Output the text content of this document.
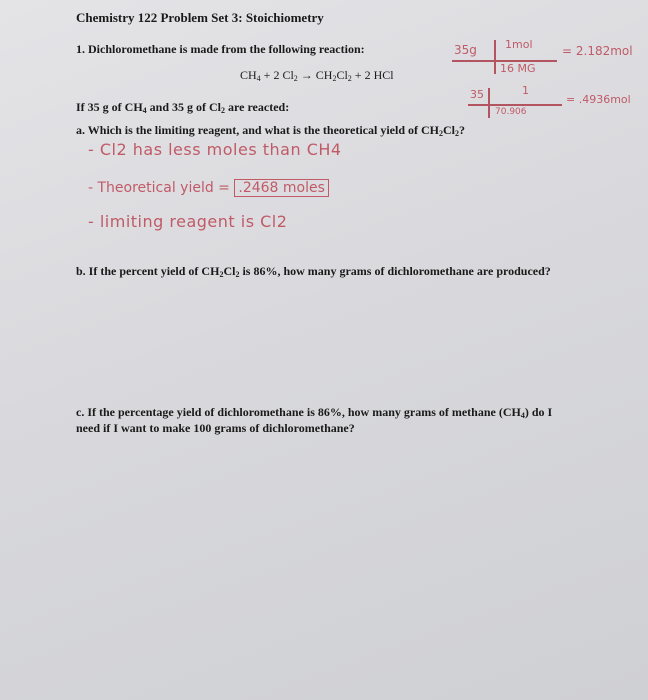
Chemistry 122 Problem Set 3: Stoichiometry
1. Dichloromethane is made from the following reaction:
$CH_4 + 2$ $Cl_2 \to CH_2Cl_2 + 2$ HCl
If 35 g of $CH_4$ and 35 g of $Cl_2$ are reacted:
a. Which is the limiting reagent, and what is the theoretical yield of $CH_2Cl_2$?
35g	1mol
16 MG
= 2.182mol
35	1
70.906
= .4936mol
- Cl2 has less moles than CH4
- Theoretical yield = .2468 moles
- limiting reagent is Cl2
b. If the percent yield of $CH_2Cl_2$ is 86%, how many grams of dichloromethane are produced?
c. If the percentage yield of dichloromethane is 86%, how many grams of methane $(CH_4)$ do I
need if I want to make 100 grams of dichloromethane?
